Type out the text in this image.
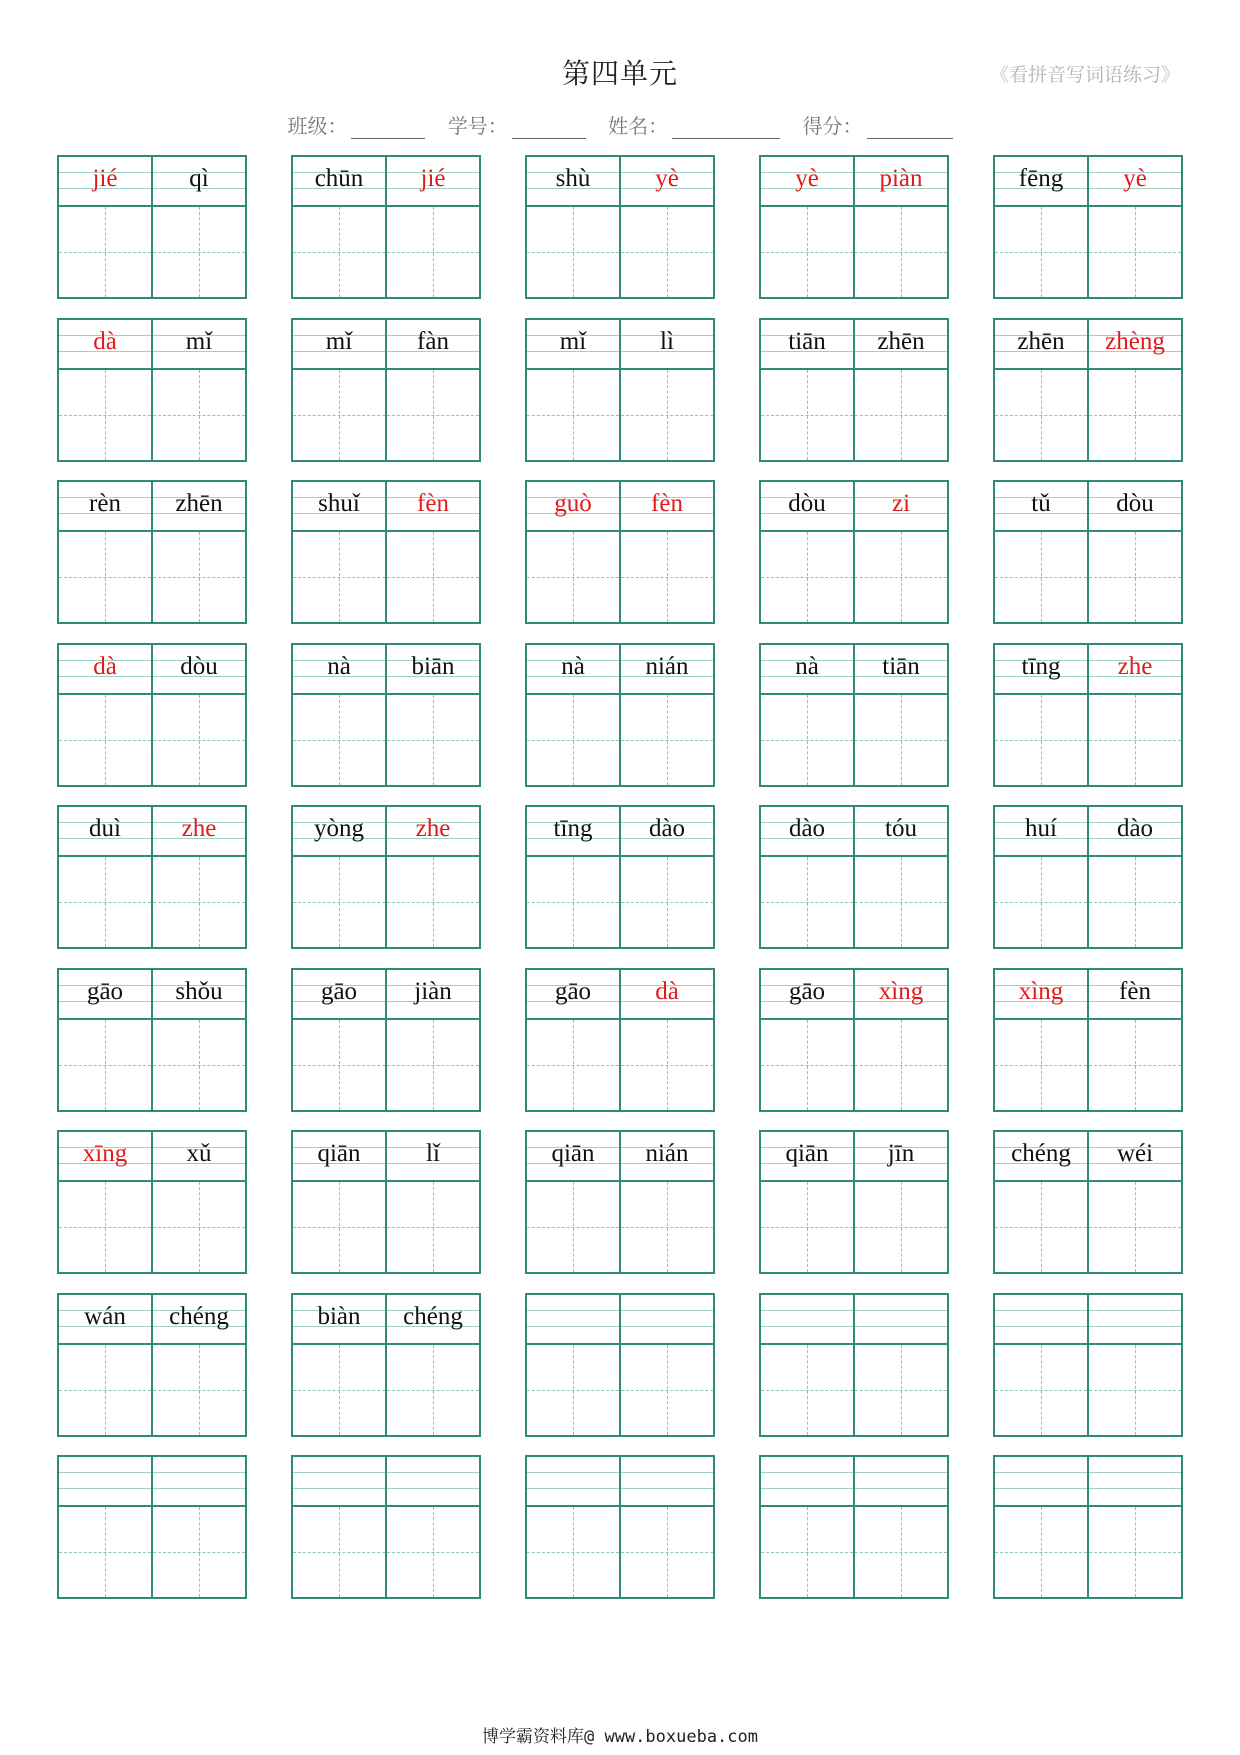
第四单元	《看拼音写词语练习》
班级：	学号：	姓名：	得分：
jié	qì	chūn jié	shù	yè	yè piàn	fēng yè
dà	mǐ	mǐ	fàn	mǐ	lì	tiān zhēn	zhēn zhèng
rèn zhēn	shuǐ fèn	guò fèn	dòu	zi	tǔ	dòu
dà	dòu	nà biān	nà nián	nà	tiān	tīng zhe
duì zhe	yòng zhe	tīng dào	dào tóu	huí dào
gāo shǒu	gāo jiàn	gāo	dà	gāo xìng	xìng fèn
xīng xǔ	qiān	lǐ	qiān nián	qiān jīn	chéng wéi
wán chéng	biàn chéng
博学霸资料库@ www.boxueba.com
